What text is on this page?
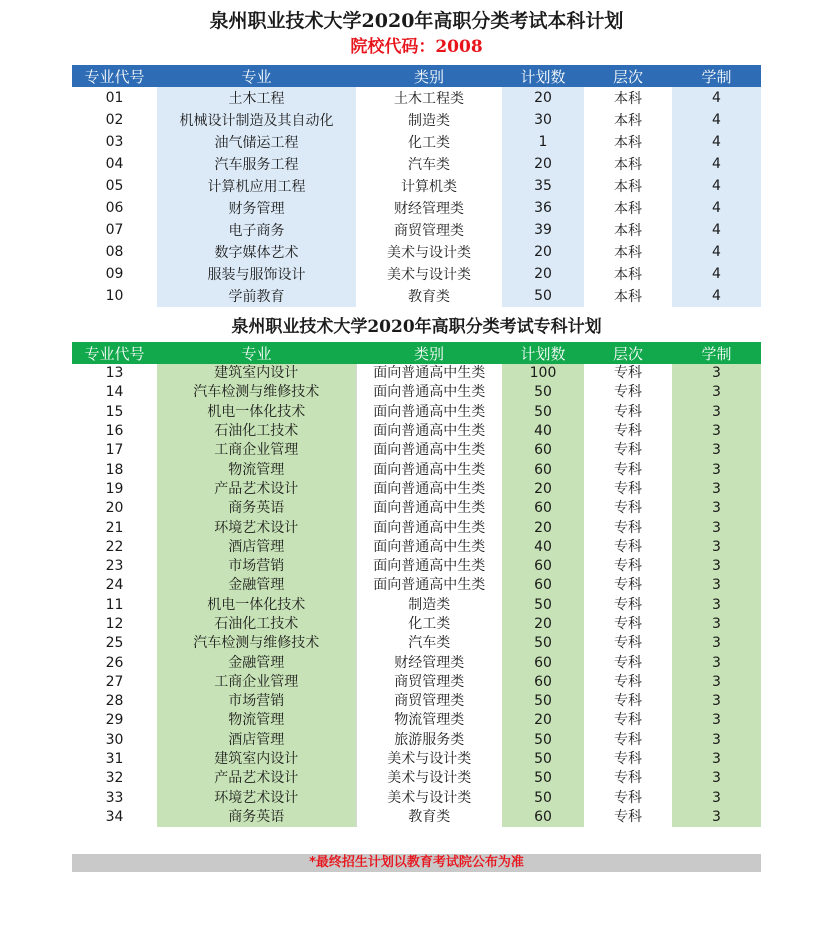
泉州职业技术大学2020年高职分类考试本科计划
院校代码：2008
专业代号	专业	类别	计划数	层次	学制
01	土木工程	土木工程类	20	本科	4
02	机械设计制造及其自动化	制造类	30	本科	4
03	油气储运工程	化工类	1	本科	4
04	汽车服务工程	汽车类	20	本科	4
05	计算机应用工程	计算机类	35	本科	4
06	财务管理	财经管理类	36	本科	4
07	电子商务	商贸管理类	39	本科	4
08	数字媒体艺术	美术与设计类	20	本科	4
09	服装与服饰设计	美术与设计类	20	本科	4
10	学前教育	教育类	50	本科	4
泉州职业技术大学2020年高职分类考试专科计划
专业代号	专业	类别	计划数	层次	学制
13	建筑室内设计	面向普通高中生类	100	专科	3
14	汽车检测与维修技术	面向普通高中生类	50	专科	3
15	机电一体化技术	面向普通高中生类	50	专科	3
16	石油化工技术	面向普通高中生类	40	专科	3
17	工商企业管理	面向普通高中生类	60	专科	3
18	物流管理	面向普通高中生类	60	专科	3
19	产品艺术设计	面向普通高中生类	20	专科	3
20	商务英语	面向普通高中生类	60	专科	3
21	环境艺术设计	面向普通高中生类	20	专科	3
22	酒店管理	面向普通高中生类	40	专科	3
23	市场营销	面向普通高中生类	60	专科	3
24	金融管理	面向普通高中生类	60	专科	3
11	机电一体化技术	制造类	50	专科	3
12	石油化工技术	化工类	20	专科	3
25	汽车检测与维修技术	汽车类	50	专科	3
26	金融管理	财经管理类	60	专科	3
27	工商企业管理	商贸管理类	60	专科	3
28	市场营销	商贸管理类	50	专科	3
29	物流管理	物流管理类	20	专科	3
30	酒店管理	旅游服务类	50	专科	3
31	建筑室内设计	美术与设计类	50	专科	3
32	产品艺术设计	美术与设计类	50	专科	3
33	环境艺术设计	美术与设计类	50	专科	3
34	商务英语	教育类	60	专科	3
*最终招生计划以教育考试院公布为准
